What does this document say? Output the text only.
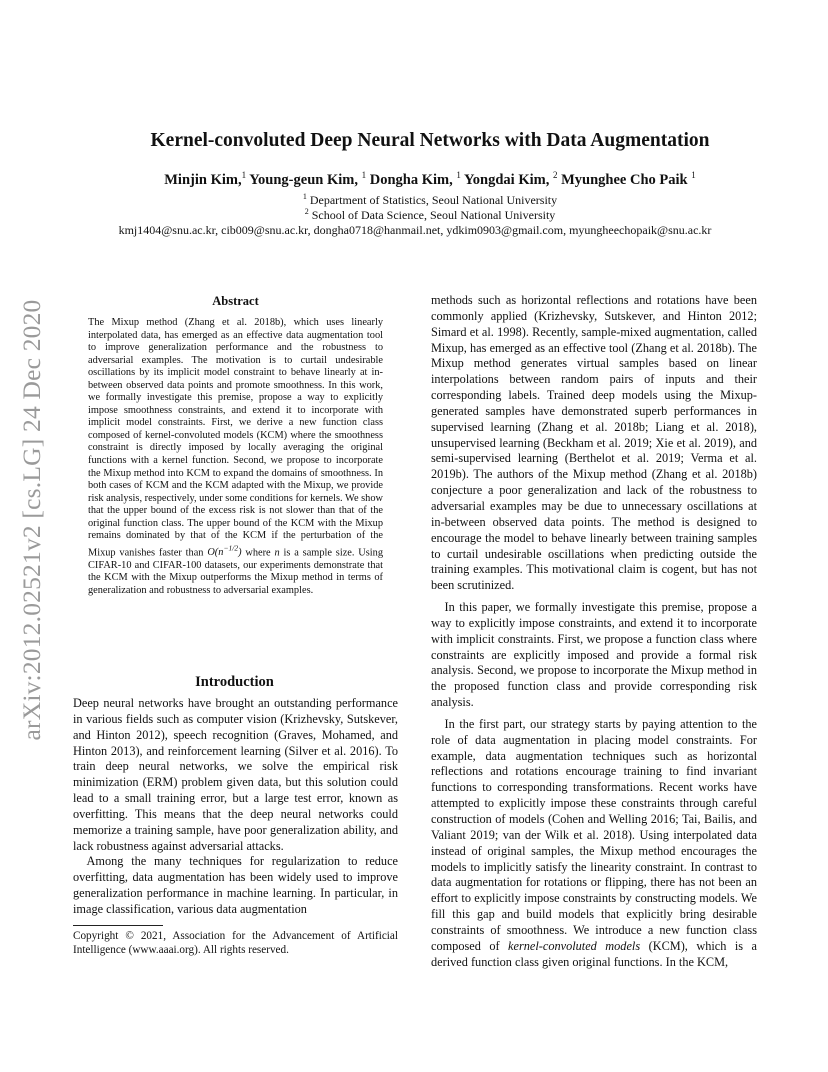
arXiv:2012.02521v2 [cs.LG] 24 Dec 2020
Kernel-convoluted Deep Neural Networks with Data Augmentation
Minjin Kim,$^1$ Young-geun Kim, $^1$ Dongha Kim, $^1$ Yongdai Kim, $^2$ Myunghee Cho Paik $^1$
$^1$ Department of Statistics, Seoul National University
$^2$ School of Data Science, Seoul National University
kmj1404@snu.ac.kr, cib009@snu.ac.kr, dongha0718@hanmail.net, ydkim0903@gmail.com, myungheechopaik@snu.ac.kr
Abstract
The Mixup method (Zhang et al. 2018b), which uses linearly interpolated data, has emerged as an effective data augmentation tool to improve generalization performance and the robustness to adversarial examples. The motivation is to curtail undesirable oscillations by its implicit model constraint to behave linearly at in-between observed data points and promote smoothness. In this work, we formally investigate this premise, propose a way to explicitly impose smoothness constraints, and extend it to incorporate with implicit model constraints. First, we derive a new function class composed of kernel-convoluted models (KCM) where the smoothness constraint is directly imposed by locally averaging the original functions with a kernel function. Second, we propose to incorporate the Mixup method into KCM to expand the domains of smoothness. In both cases of KCM and the KCM adapted with the Mixup, we provide risk analysis, respectively, under some conditions for kernels. We show that the upper bound of the excess risk is not slower than that of the original function class. The upper bound of the KCM with the Mixup remains dominated by that of the KCM if the perturbation of the Mixup vanishes faster than $O(n^{-1/2})$ where n is a sample size. Using CIFAR-10 and CIFAR-100 datasets, our experiments demonstrate that the KCM with the Mixup outperforms the Mixup method in terms of generalization and robustness to adversarial examples.
Introduction

Deep neural networks have brought an outstanding performance in various fields such as computer vision (Krizhevsky, Sutskever, and Hinton 2012), speech recognition (Graves, Mohamed, and Hinton 2013), and reinforcement learning (Silver et al. 2016). To train deep neural networks, we solve the empirical risk minimization (ERM) problem given data, but this solution could lead to a small training error, but a large test error, known as overfitting. This means that the deep neural networks could memorize a training sample, have poor generalization ability, and lack robustness against adversarial attacks.

Among the many techniques for regularization to reduce overfitting, data augmentation has been widely used to improve generalization performance in machine learning. In particular, in image classification, various data augmentation

Copyright © 2021, Association for the Advancement of Artificial Intelligence (www.aaai.org). All rights reserved.

methods such as horizontal reflections and rotations have been commonly applied (Krizhevsky, Sutskever, and Hinton 2012; Simard et al. 1998). Recently, sample-mixed augmentation, called Mixup, has emerged as an effective tool (Zhang et al. 2018b). The Mixup method generates virtual samples based on linear interpolations between random pairs of inputs and their corresponding labels. Trained deep models using the Mixup-generated samples have demonstrated superb performances in supervised learning (Zhang et al. 2018b; Liang et al. 2018), unsupervised learning (Beckham et al. 2019; Xie et al. 2019), and semi-supervised learning (Berthelot et al. 2019; Verma et al. 2019b). The authors of the Mixup method (Zhang et al. 2018b) conjecture a poor generalization and lack of the robustness to adversarial examples may be due to unnecessary oscillations at in-between observed data points. The method is designed to encourage the model to behave linearly between training samples to curtail undesirable oscillations when predicting outside the training examples. This motivational claim is cogent, but has not been scrutinized.

In this paper, we formally investigate this premise, propose a way to explicitly impose constraints, and extend it to incorporate with implicit constraints. First, we propose a function class where constraints are explicitly imposed and provide a formal risk analysis. Second, we propose to incorporate the Mixup method in the proposed function class and provide corresponding risk analysis.

In the first part, our strategy starts by paying attention to the role of data augmentation in placing model constraints. For example, data augmentation techniques such as horizontal reflections and rotations encourage training to find invariant functions to corresponding transformations. Recent works have attempted to explicitly impose these constraints through careful construction of models (Cohen and Welling 2016; Tai, Bailis, and Valiant 2019; van der Wilk et al. 2018). Using interpolated data instead of original samples, the Mixup method encourages the models to implicitly satisfy the linearity constraint. In contrast to data augmentation for rotations or flipping, there has not been an effort to explicitly impose constraints by constructing models. We fill this gap and build models that explicitly bring desirable constraints of smoothness. We introduce a new function class composed of kernel-convoluted models (KCM), which is a derived function class given original functions. In the KCM,
